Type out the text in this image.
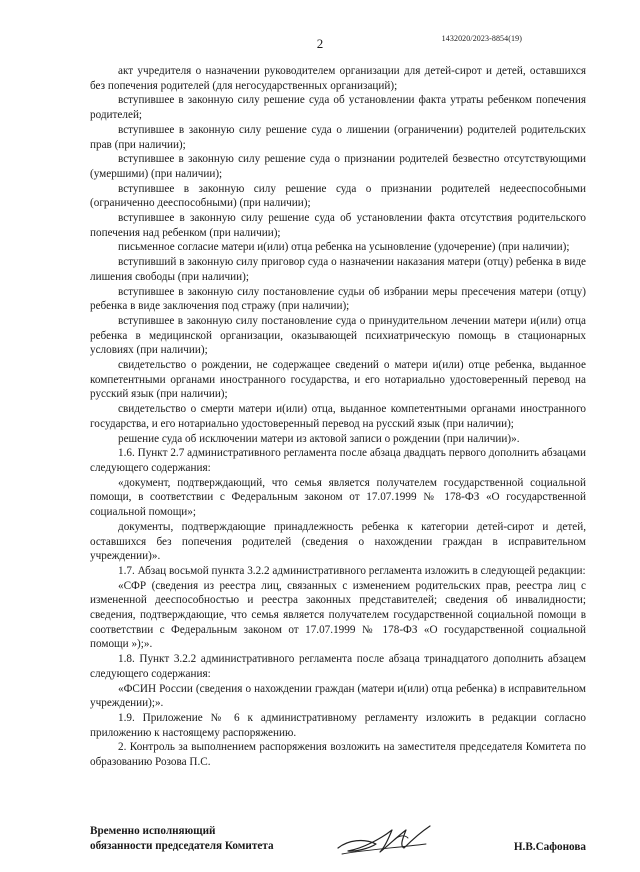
1432020/2023-8854(19)
2

акт учредителя о назначении руководителем организации для детей-сирот и детей, оставшихся без попечения родителей (для негосударственных организаций);

вступившее в законную силу решение суда об установлении факта утраты ребенком попечения родителей;

вступившее в законную силу решение суда о лишении (ограничении) родителей родительских прав (при наличии);

вступившее в законную силу решение суда о признании родителей безвестно отсутствующими (умершими) (при наличии);

вступившее в законную силу решение суда о признании родителей недееспособными (ограниченно дееспособными) (при наличии);

вступившее в законную силу решение суда об установлении факта отсутствия родительского попечения над ребенком (при наличии);

письменное согласие матери и(или) отца ребенка на усыновление (удочерение) (при наличии);

вступивший в законную силу приговор суда о назначении наказания матери (отцу) ребенка в виде лишения свободы (при наличии);

вступившее в законную силу постановление судьи об избрании меры пресечения матери (отцу) ребенка в виде заключения под стражу (при наличии);

вступившее в законную силу постановление суда о принудительном лечении матери и(или) отца ребенка в медицинской организации, оказывающей психиатрическую помощь в стационарных условиях (при наличии);

свидетельство о рождении, не содержащее сведений о матери и(или) отце ребенка, выданное компетентными органами иностранного государства, и его нотариально удостоверенный перевод на русский язык (при наличии);

свидетельство о смерти матери и(или) отца, выданное компетентными органами иностранного государства, и его нотариально удостоверенный перевод на русский язык (при наличии);

решение суда об исключении матери из актовой записи о рождении (при наличии)».

1.6. Пункт 2.7 административного регламента после абзаца двадцать первого дополнить абзацами следующего содержания:

«документ, подтверждающий, что семья является получателем государственной социальной помощи, в соответствии с Федеральным законом от 17.07.1999 № 178-ФЗ «О государственной социальной помощи»;

документы, подтверждающие принадлежность ребенка к категории детей-сирот и детей, оставшихся без попечения родителей (сведения о нахождении граждан в исправительном учреждении)».

1.7. Абзац восьмой пункта 3.2.2 административного регламента изложить в следующей редакции:

«СФР (сведения из реестра лиц, связанных с изменением родительских прав, реестра лиц с измененной дееспособностью и реестра законных представителей; сведения об инвалидности; сведения, подтверждающие, что семья является получателем государственной социальной помощи в соответствии с Федеральным законом от 17.07.1999 № 178-ФЗ «О государственной социальной помощи »);».

1.8. Пункт 3.2.2 административного регламента после абзаца тринадцатого дополнить абзацем следующего содержания:

«ФСИН России (сведения о нахождении граждан (матери и(или) отца ребенка) в исправительном учреждении);».

1.9. Приложение № 6 к административному регламенту изложить в редакции согласно приложению к настоящему распоряжению.

2. Контроль за выполнением распоряжения возложить на заместителя председателя Комитета по образованию Розова П.С.

Временно исполняющий
обязанности председателя Комитета	Н.В.Сафонова
